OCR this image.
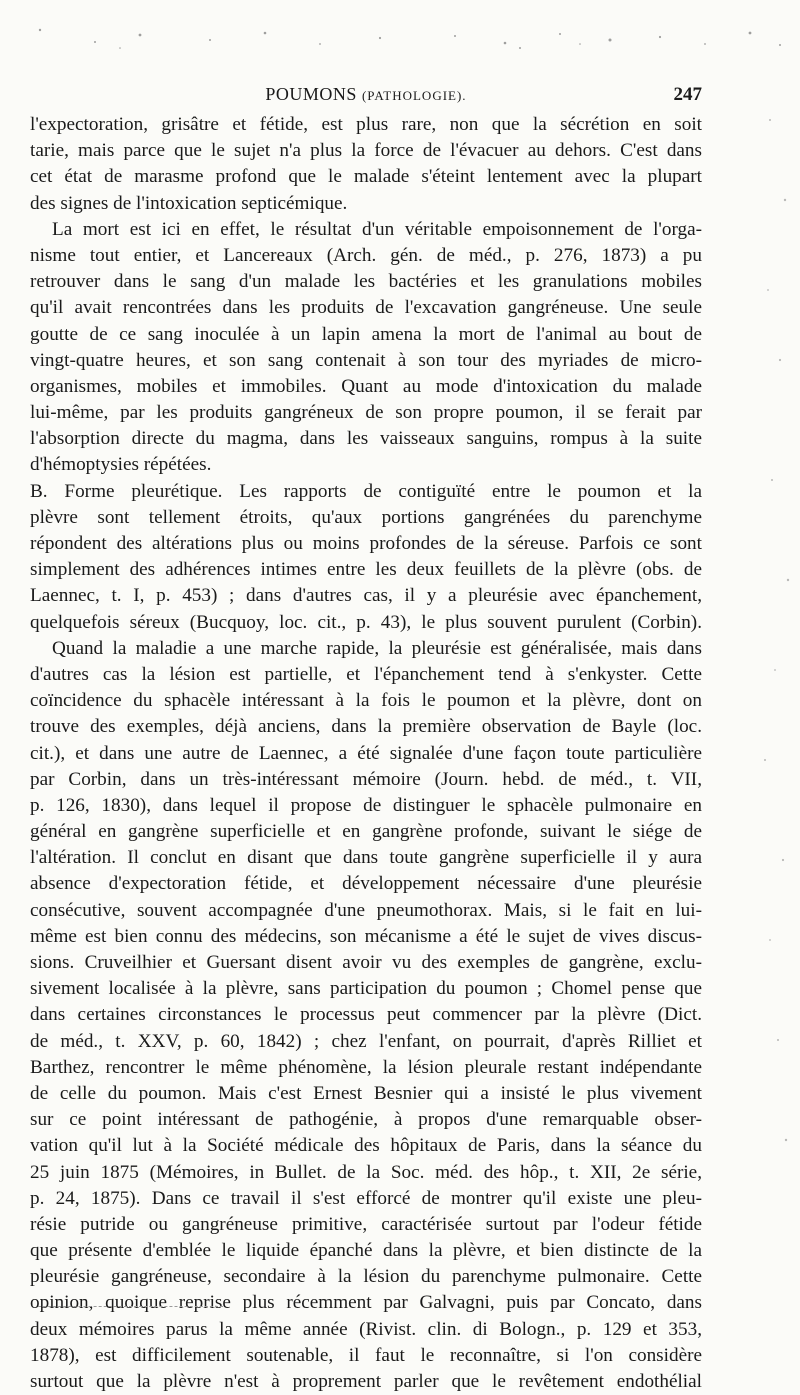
POUMONS (PATHOLOGIE).	247
l'expectoration, grisâtre et fétide, est plus rare, non que la sécrétion en soit
tarie, mais parce que le sujet n'a plus la force de l'évacuer au dehors. C'est dans
cet état de marasme profond que le malade s'éteint lentement avec la plupart
des signes de l'intoxication septicémique.
La mort est ici en effet, le résultat d'un véritable empoisonnement de l'orga-
nisme tout entier, et Lancereaux (Arch. gén. de méd., p. 276, 1873) a pu
retrouver dans le sang d'un malade les bactéries et les granulations mobiles
qu'il avait rencontrées dans les produits de l'excavation gangréneuse. Une seule
goutte de ce sang inoculée à un lapin amena la mort de l'animal au bout de
vingt-quatre heures, et son sang contenait à son tour des myriades de micro-
organismes, mobiles et immobiles. Quant au mode d'intoxication du malade
lui-même, par les produits gangréneux de son propre poumon, il se ferait par
l'absorption directe du magma, dans les vaisseaux sanguins, rompus à la suite
d'hémoptysies répétées.
B. Forme pleurétique. Les rapports de contiguïté entre le poumon et la
plèvre sont tellement étroits, qu'aux portions gangrénées du parenchyme
répondent des altérations plus ou moins profondes de la séreuse. Parfois ce sont
simplement des adhérences intimes entre les deux feuillets de la plèvre (obs. de
Laennec, t. I, p. 453) ; dans d'autres cas, il y a pleurésie avec épanchement,
quelquefois séreux (Bucquoy, loc. cit., p. 43), le plus souvent purulent (Corbin).
Quand la maladie a une marche rapide, la pleurésie est généralisée, mais dans
d'autres cas la lésion est partielle, et l'épanchement tend à s'enkyster. Cette
coïncidence du sphacèle intéressant à la fois le poumon et la plèvre, dont on
trouve des exemples, déjà anciens, dans la première observation de Bayle (loc.
cit.), et dans une autre de Laennec, a été signalée d'une façon toute particulière
par Corbin, dans un très-intéressant mémoire (Journ. hebd. de méd., t. VII,
p. 126, 1830), dans lequel il propose de distinguer le sphacèle pulmonaire en
général en gangrène superficielle et en gangrène profonde, suivant le siége de
l'altération. Il conclut en disant que dans toute gangrène superficielle il y aura
absence d'expectoration fétide, et développement nécessaire d'une pleurésie
consécutive, souvent accompagnée d'une pneumothorax. Mais, si le fait en lui-
même est bien connu des médecins, son mécanisme a été le sujet de vives discus-
sions. Cruveilhier et Guersant disent avoir vu des exemples de gangrène, exclu-
sivement localisée à la plèvre, sans participation du poumon ; Chomel pense que
dans certaines circonstances le processus peut commencer par la plèvre (Dict.
de méd., t. XXV, p. 60, 1842) ; chez l'enfant, on pourrait, d'après Rilliet et
Barthez, rencontrer le même phénomène, la lésion pleurale restant indépendante
de celle du poumon. Mais c'est Ernest Besnier qui a insisté le plus vivement
sur ce point intéressant de pathogénie, à propos d'une remarquable obser-
vation qu'il lut à la Société médicale des hôpitaux de Paris, dans la séance du
25 juin 1875 (Mémoires, in Bullet. de la Soc. méd. des hôp., t. XII, 2e série,
p. 24, 1875). Dans ce travail il s'est efforcé de montrer qu'il existe une pleu-
résie putride ou gangréneuse primitive, caractérisée surtout par l'odeur fétide
que présente d'emblée le liquide épanché dans la plèvre, et bien distincte de la
pleurésie gangréneuse, secondaire à la lésion du parenchyme pulmonaire. Cette
opinion, quoique reprise plus récemment par Galvagni, puis par Concato, dans
deux mémoires parus la même année (Rivist. clin. di Bologn., p. 129 et 353,
1878), est difficilement soutenable, il faut le reconnaître, si l'on considère
surtout que la plèvre n'est à proprement parler que le revêtement endothélial
